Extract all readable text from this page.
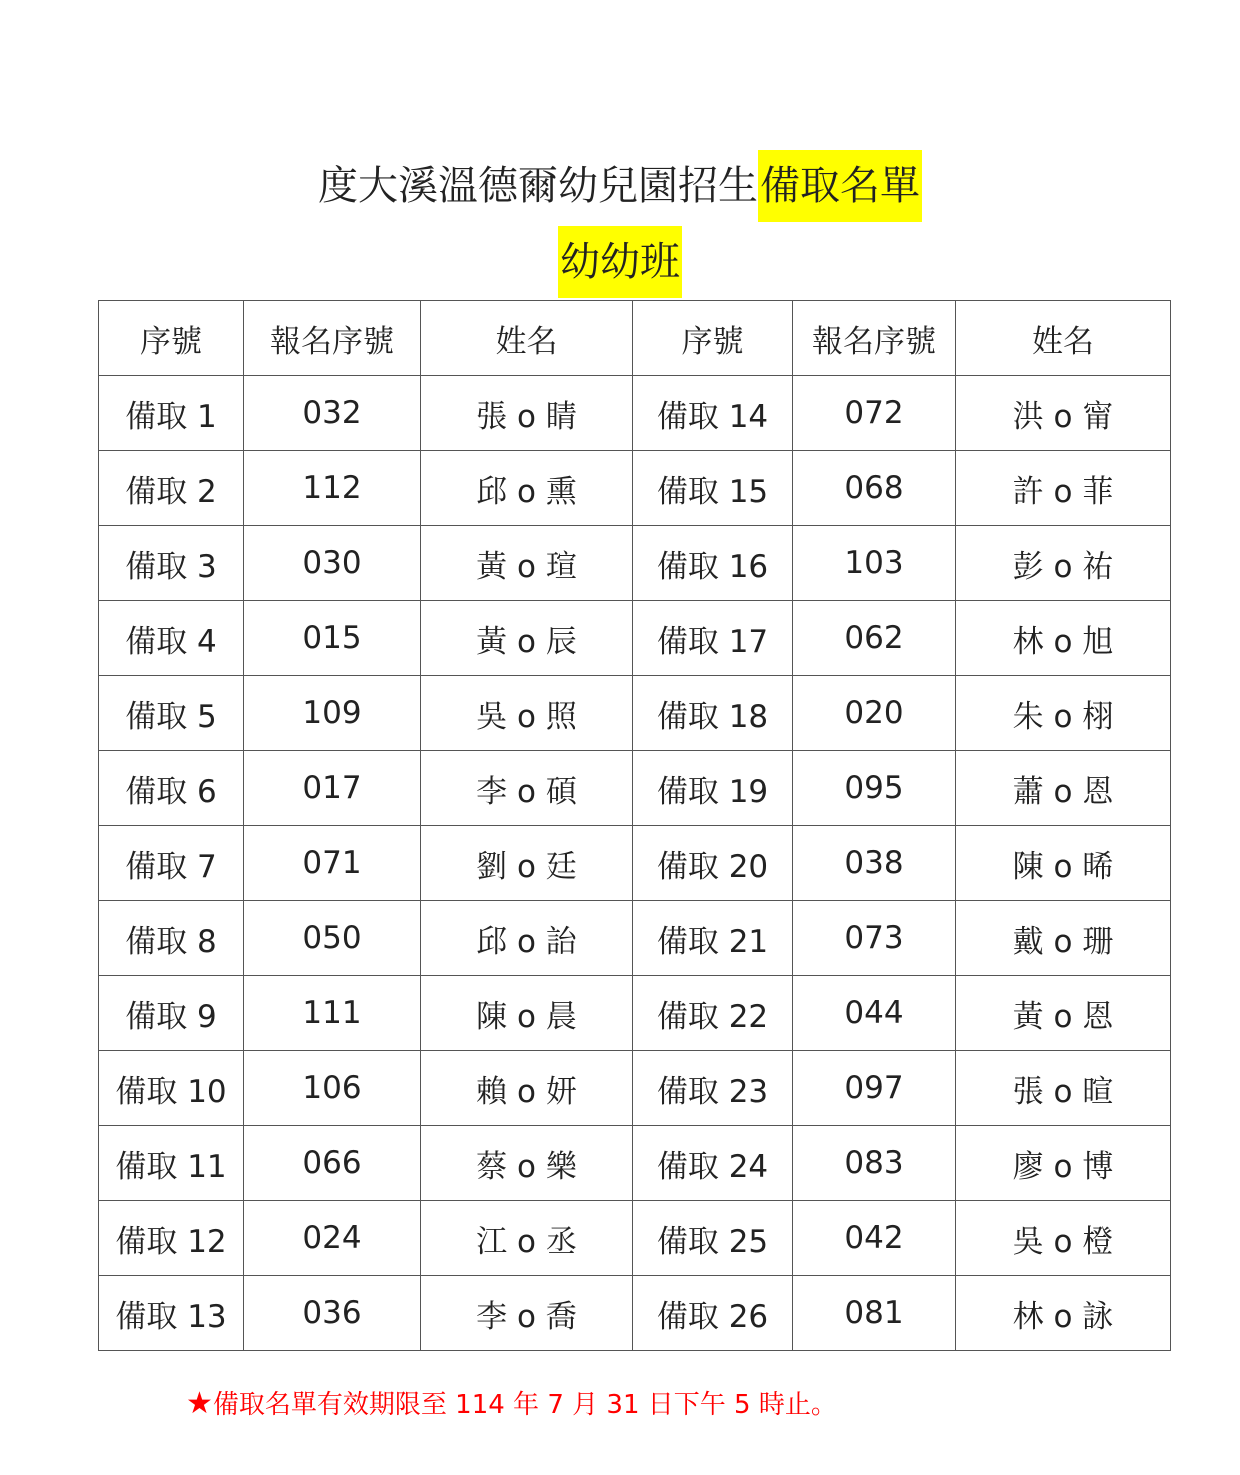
度大溪溫德爾幼兒園招生備取名單
幼幼班
序號	報名序號	姓名	序號	報名序號	姓名
備取 1	032	張 o 睛	備取 14	072	洪 o 甯
備取 2	112	邱 o 熏	備取 15	068	許 o 菲
備取 3	030	黃 o 瑄	備取 16	103	彭 o 祐
備取 4	015	黃 o 辰	備取 17	062	林 o 旭
備取 5	109	吳 o 照	備取 18	020	朱 o 栩
備取 6	017	李 o 碩	備取 19	095	蕭 o 恩
備取 7	071	劉 o 廷	備取 20	038	陳 o 晞
備取 8	050	邱 o 詒	備取 21	073	戴 o 珊
備取 9	111	陳 o 晨	備取 22	044	黃 o 恩
備取 10	106	賴 o 妍	備取 23	097	張 o 暄
備取 11	066	蔡 o 樂	備取 24	083	廖 o 博
備取 12	024	江 o 丞	備取 25	042	吳 o 橙
備取 13	036	李 o 喬	備取 26	081	林 o 詠
★備取名單有效期限至 114 年 7 月 31 日下午 5 時止。
